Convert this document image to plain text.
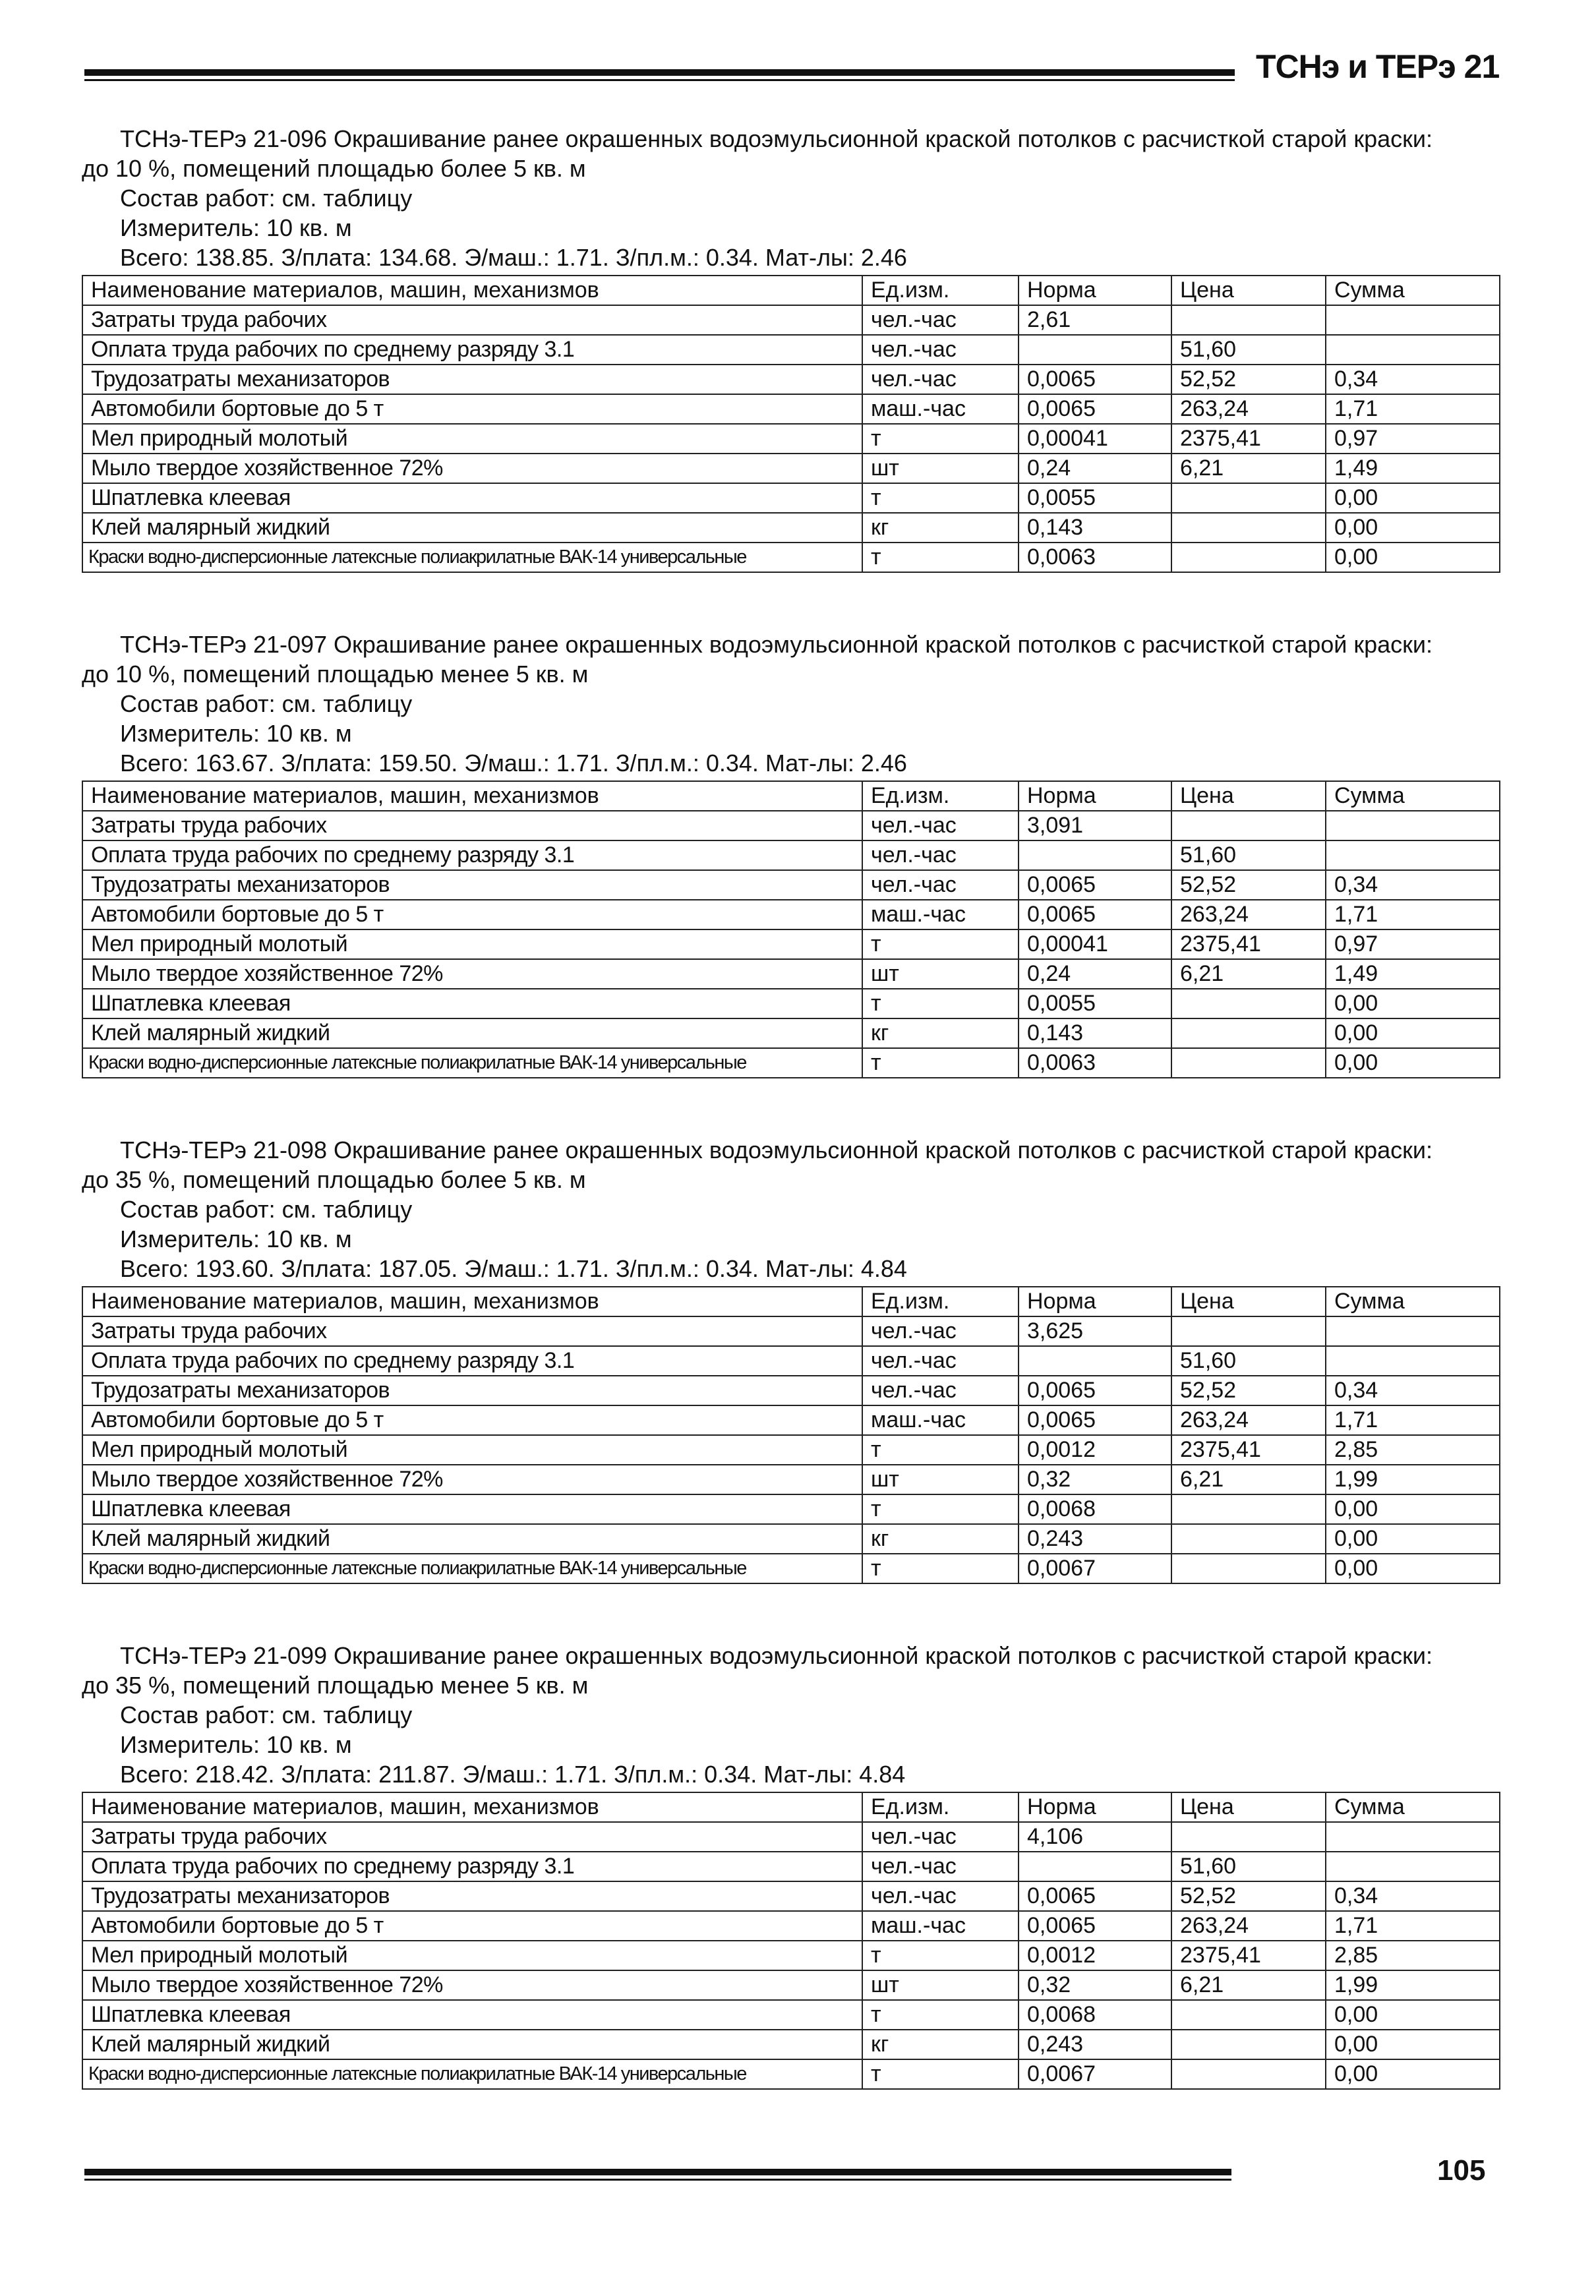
ТСНэ и ТЕРэ 21

ТСНэ-ТЕРэ 21-096 Окрашивание ранее окрашенных водоэмульсионной краской потолков с расчисткой старой краски:

до 10 %, помещений площадью более 5 кв. м

Состав работ: см. таблицу

Измеритель: 10 кв. м

Всего: 138.85. З/плата: 134.68. Э/маш.: 1.71. З/пл.м.: 0.34. Мат-лы: 2.46

Наименование материалов, машин, механизмов	Ед.изм.	Норма	Цена	Сумма
Затраты труда рабочих	чел.-час	2,61		
Оплата труда рабочих по среднему разряду 3.1	чел.-час		51,60	
Трудозатраты механизаторов	чел.-час	0,0065	52,52	0,34
Автомобили бортовые до 5 т	маш.-час	0,0065	263,24	1,71
Мел природный молотый	т	0,00041	2375,41	0,97
Мыло твердое хозяйственное 72%	шт	0,24	6,21	1,49
Шпатлевка клеевая	т	0,0055		0,00
Клей малярный жидкий	кг	0,143		0,00
Краски водно-дисперсионные латексные полиакрилатные ВАК-14 универсальные	т	0,0063		0,00

ТСНэ-ТЕРэ 21-097 Окрашивание ранее окрашенных водоэмульсионной краской потолков с расчисткой старой краски:

до 10 %, помещений площадью менее 5 кв. м

Состав работ: см. таблицу

Измеритель: 10 кв. м

Всего: 163.67. З/плата: 159.50. Э/маш.: 1.71. З/пл.м.: 0.34. Мат-лы: 2.46

Наименование материалов, машин, механизмов	Ед.изм.	Норма	Цена	Сумма
Затраты труда рабочих	чел.-час	3,091		
Оплата труда рабочих по среднему разряду 3.1	чел.-час		51,60	
Трудозатраты механизаторов	чел.-час	0,0065	52,52	0,34
Автомобили бортовые до 5 т	маш.-час	0,0065	263,24	1,71
Мел природный молотый	т	0,00041	2375,41	0,97
Мыло твердое хозяйственное 72%	шт	0,24	6,21	1,49
Шпатлевка клеевая	т	0,0055		0,00
Клей малярный жидкий	кг	0,143		0,00
Краски водно-дисперсионные латексные полиакрилатные ВАК-14 универсальные	т	0,0063		0,00

ТСНэ-ТЕРэ 21-098 Окрашивание ранее окрашенных водоэмульсионной краской потолков с расчисткой старой краски:

до 35 %, помещений площадью более 5 кв. м

Состав работ: см. таблицу

Измеритель: 10 кв. м

Всего: 193.60. З/плата: 187.05. Э/маш.: 1.71. З/пл.м.: 0.34. Мат-лы: 4.84

Наименование материалов, машин, механизмов	Ед.изм.	Норма	Цена	Сумма
Затраты труда рабочих	чел.-час	3,625		
Оплата труда рабочих по среднему разряду 3.1	чел.-час		51,60	
Трудозатраты механизаторов	чел.-час	0,0065	52,52	0,34
Автомобили бортовые до 5 т	маш.-час	0,0065	263,24	1,71
Мел природный молотый	т	0,0012	2375,41	2,85
Мыло твердое хозяйственное 72%	шт	0,32	6,21	1,99
Шпатлевка клеевая	т	0,0068		0,00
Клей малярный жидкий	кг	0,243		0,00
Краски водно-дисперсионные латексные полиакрилатные ВАК-14 универсальные	т	0,0067		0,00

ТСНэ-ТЕРэ 21-099 Окрашивание ранее окрашенных водоэмульсионной краской потолков с расчисткой старой краски:

до 35 %, помещений площадью менее 5 кв. м

Состав работ: см. таблицу

Измеритель: 10 кв. м

Всего: 218.42. З/плата: 211.87. Э/маш.: 1.71. З/пл.м.: 0.34. Мат-лы: 4.84

Наименование материалов, машин, механизмов	Ед.изм.	Норма	Цена	Сумма
Затраты труда рабочих	чел.-час	4,106		
Оплата труда рабочих по среднему разряду 3.1	чел.-час		51,60	
Трудозатраты механизаторов	чел.-час	0,0065	52,52	0,34
Автомобили бортовые до 5 т	маш.-час	0,0065	263,24	1,71
Мел природный молотый	т	0,0012	2375,41	2,85
Мыло твердое хозяйственное 72%	шт	0,32	6,21	1,99
Шпатлевка клеевая	т	0,0068		0,00
Клей малярный жидкий	кг	0,243		0,00
Краски водно-дисперсионные латексные полиакрилатные ВАК-14 универсальные	т	0,0067		0,00
105
